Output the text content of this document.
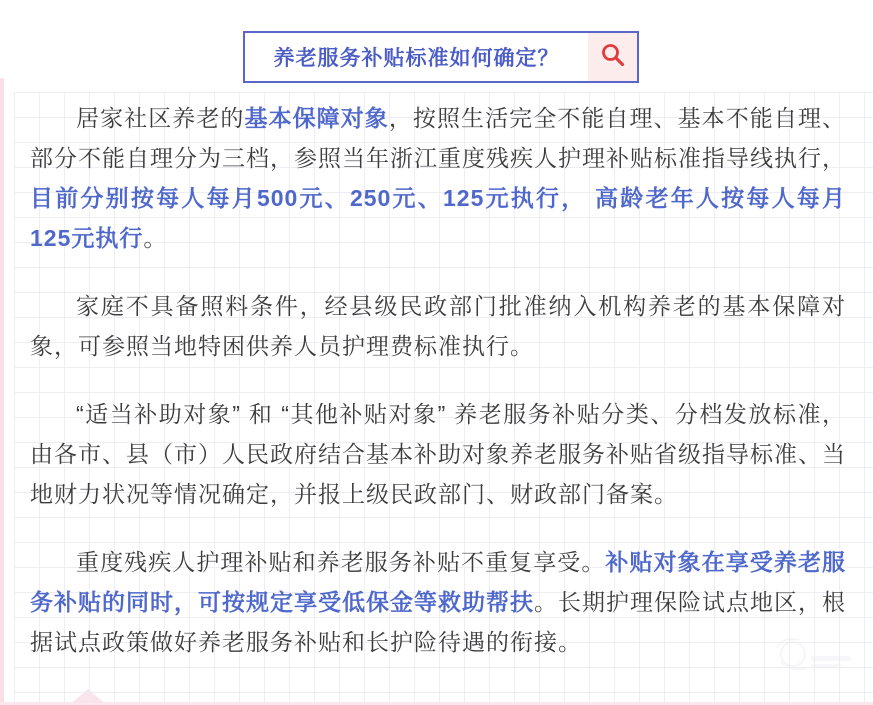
养老服务补贴标准如何确定？

居家社区养老的基本保障对象，按照生活完全不能自理、基本不能自理、部分不能自理分为三档，参照当年浙江重度残疾人护理补贴标准指导线执行，目前分别按每人每月500元、250元、125元执行， 高龄老年人按每人每月125元执行。

家庭不具备照料条件，经县级民政部门批准纳入机构养老的基本保障对象，可参照当地特困供养人员护理费标准执行。

“适当补助对象” 和 “其他补贴对象” 养老服务补贴分类、分档发放标准，由各市、县（市）人民政府结合基本补助对象养老服务补贴省级指导标准、当地财力状况等情况确定，并报上级民政部门、财政部门备案。

重度残疾人护理补贴和养老服务补贴不重复享受。补贴对象在享受养老服务补贴的同时，可按规定享受低保金等救助帮扶。长期护理保险试点地区，根据试点政策做好养老服务补贴和长护险待遇的衔接。
